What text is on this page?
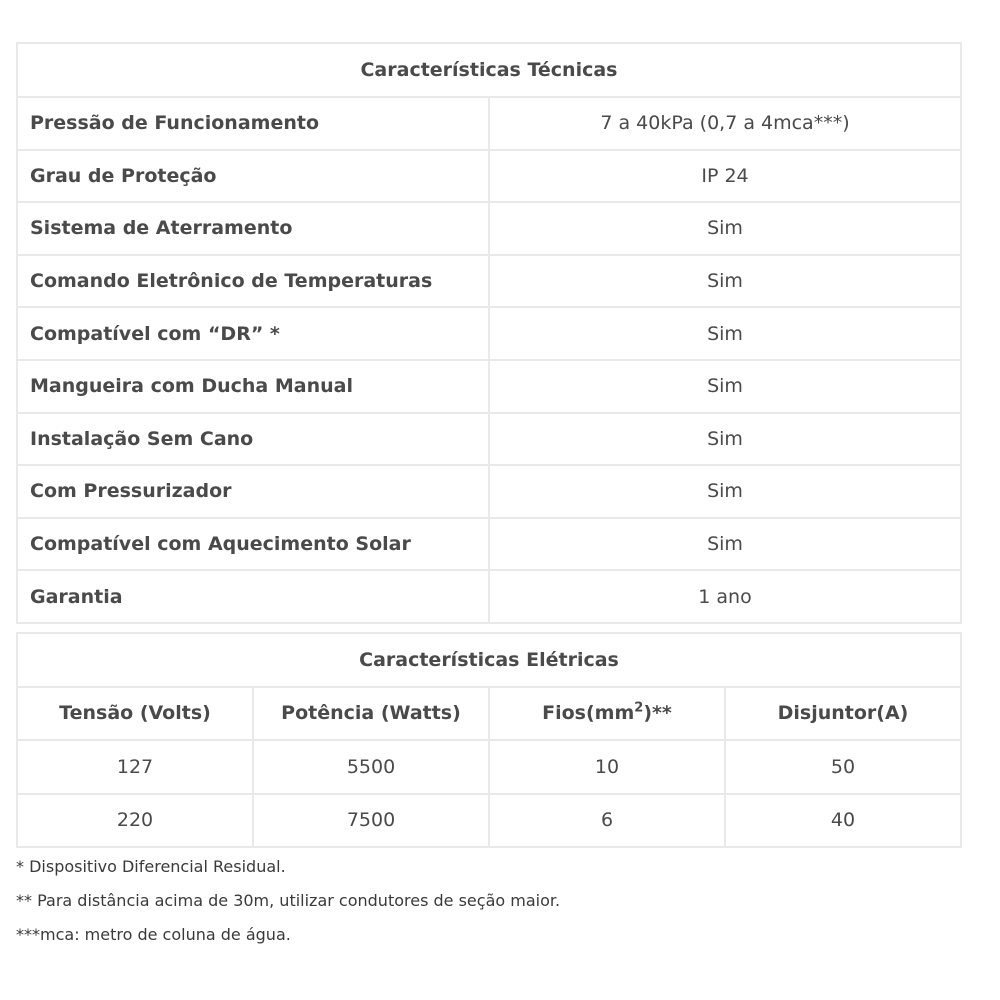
Características Técnicas	
Pressão de Funcionamento	7 a 40kPa (0,7 a 4mca***)
Grau de Proteção	IP 24
Sistema de Aterramento	Sim
Comando Eletrônico de Temperaturas	Sim
Compatível com “DR” *	Sim
Mangueira com Ducha Manual	Sim
Instalação Sem Cano	Sim
Com Pressurizador	Sim
Compatível com Aquecimento Solar	Sim
Garantia	1 ano
Características Elétricas			
Tensão (Volts)	Potência (Watts)	$Fios(mm^2)**$	Disjuntor(A)
127	5500	10	50
220	7500	6	40
* Dispositivo Diferencial Residual.
** Para distância acima de 30m, utilizar condutores de seção maior.
***mca: metro de coluna de água.
